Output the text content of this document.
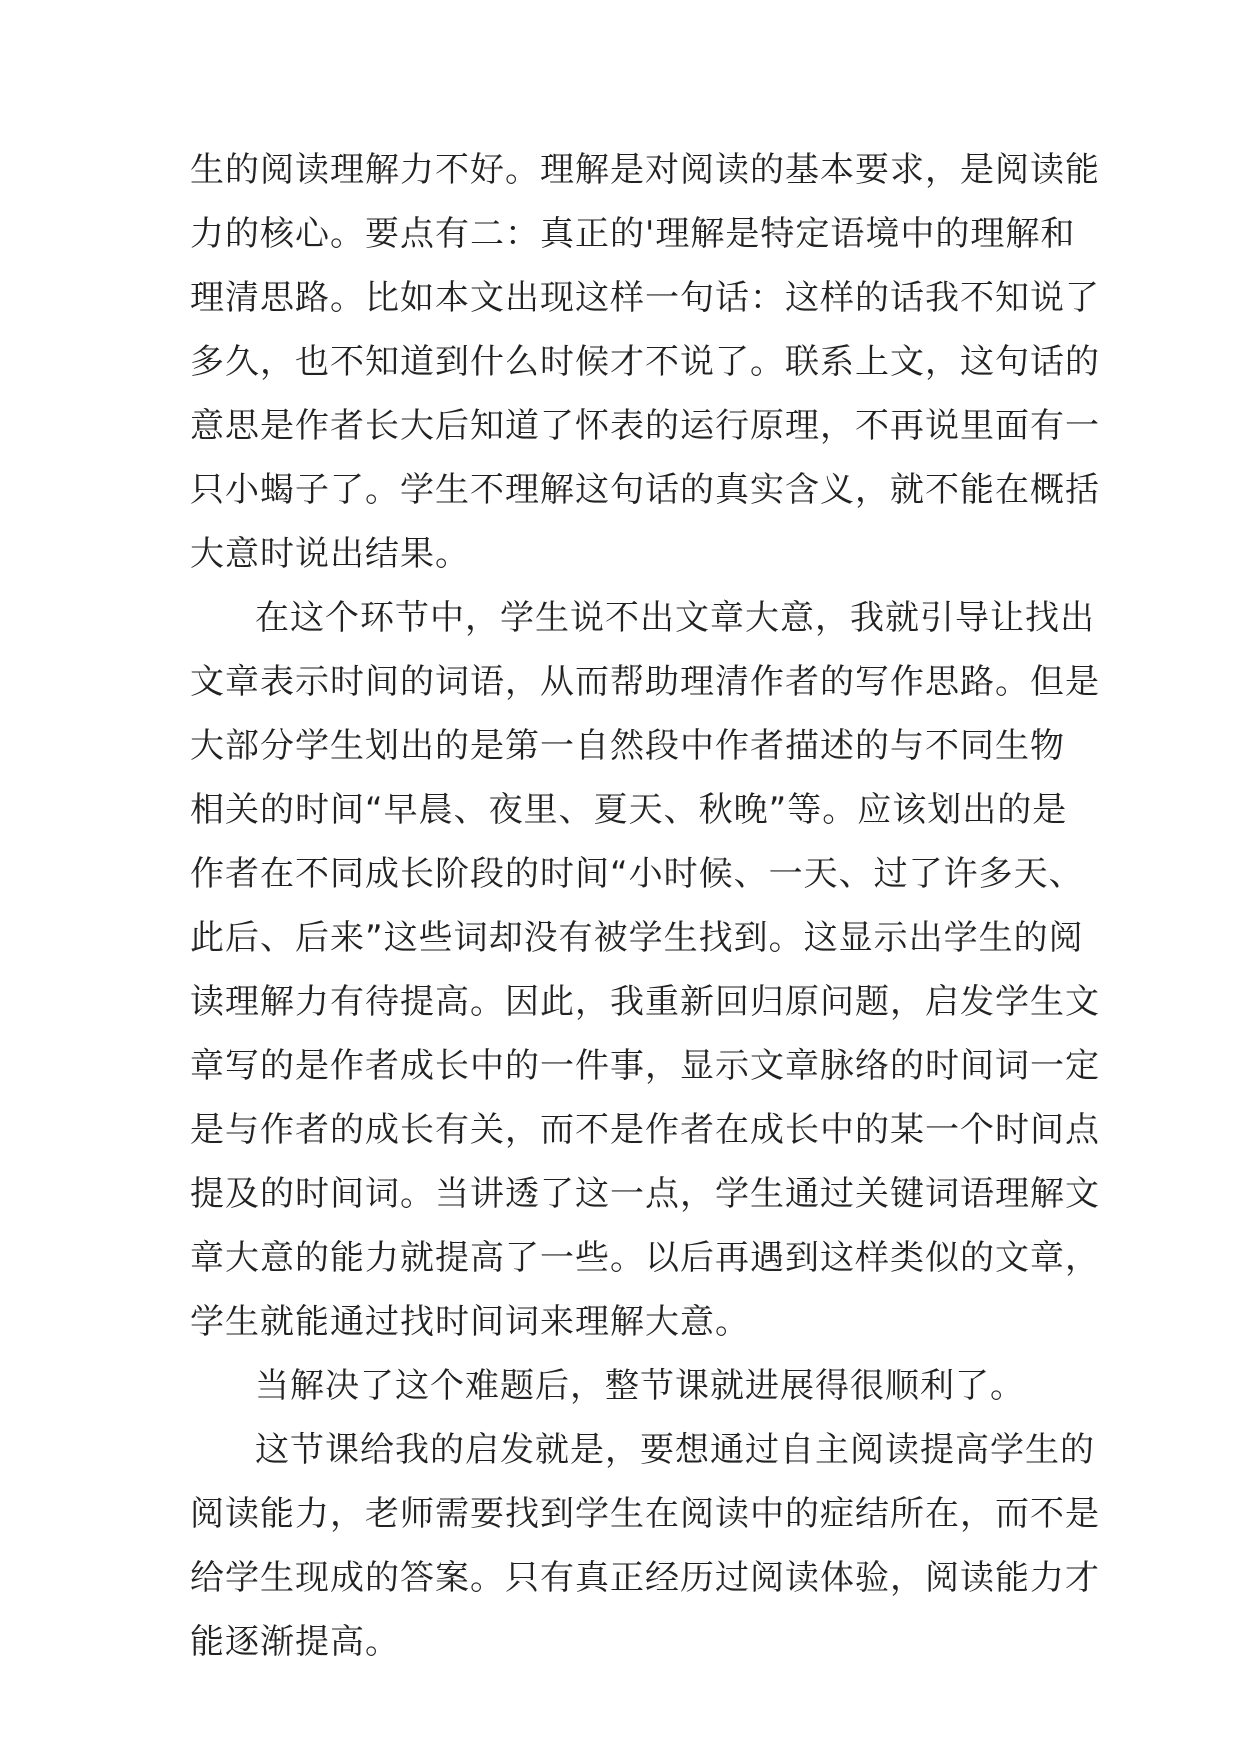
生的阅读理解力不好。理解是对阅读的基本要求，是阅读能
力的核心。要点有二：真正的'理解是特定语境中的理解和
理清思路。比如本文出现这样一句话：这样的话我不知说了
多久，也不知道到什么时候才不说了。联系上文，这句话的
意思是作者长大后知道了怀表的运行原理，不再说里面有一
只小蝎子了。学生不理解这句话的真实含义，就不能在概括
大意时说出结果。
在这个环节中，学生说不出文章大意，我就引导让找出
文章表示时间的词语，从而帮助理清作者的写作思路。但是
大部分学生划出的是第一自然段中作者描述的与不同生物
相关的时间“早晨、夜里、夏天、秋晚”等。应该划出的是
作者在不同成长阶段的时间“小时候、一天、过了许多天、
此后、后来”这些词却没有被学生找到。这显示出学生的阅
读理解力有待提高。因此，我重新回归原问题，启发学生文
章写的是作者成长中的一件事，显示文章脉络的时间词一定
是与作者的成长有关，而不是作者在成长中的某一个时间点
提及的时间词。当讲透了这一点，学生通过关键词语理解文
章大意的能力就提高了一些。以后再遇到这样类似的文章，
学生就能通过找时间词来理解大意。
当解决了这个难题后，整节课就进展得很顺利了。
这节课给我的启发就是，要想通过自主阅读提高学生的
阅读能力，老师需要找到学生在阅读中的症结所在，而不是
给学生现成的答案。只有真正经历过阅读体验，阅读能力才
能逐渐提高。
